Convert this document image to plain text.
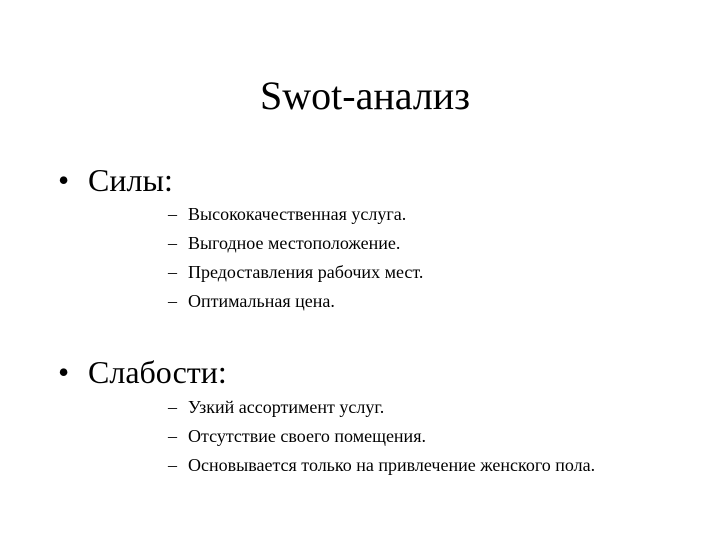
Swot-анализ
• Силы:
– Высококачественная услуга.
– Выгодное местоположение.
– Предоставления рабочих мест.
– Оптимальная цена.
• Слабости:
– Узкий ассортимент услуг.
– Отсутствие своего помещения.
– Основывается только на привлечение женского пола.
